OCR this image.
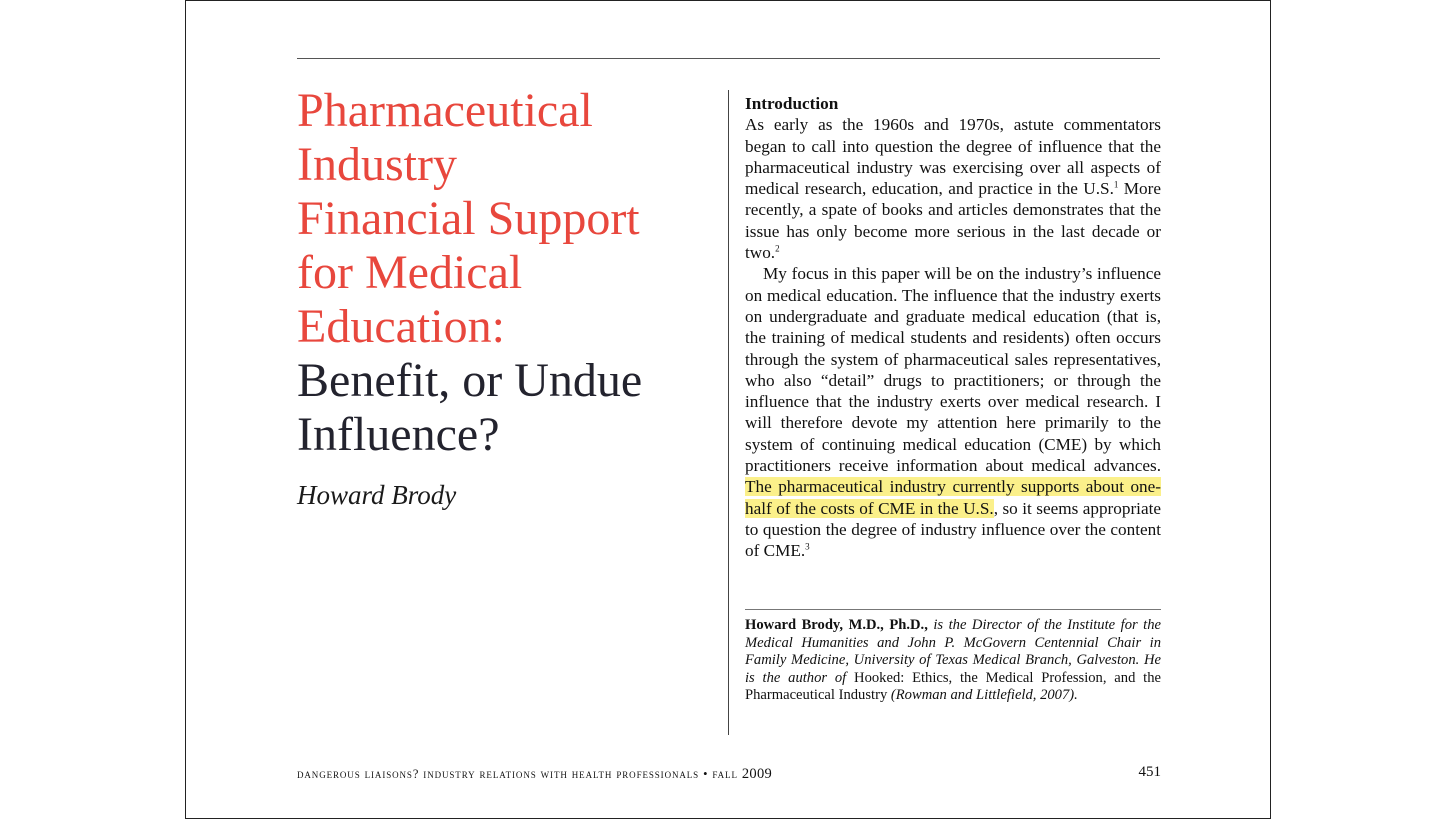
Pharmaceutical
Industry
Financial Support
for Medical
Education:
Benefit, or Undue
Influence?
Howard Brody
Introduction

As early as the 1960s and 1970s, astute commentators began to call into question the degree of influence that the pharmaceutical industry was exercising over all aspects of medical research, education, and practice in the U.S.$^1$ More recently, a spate of books and articles demonstrates that the issue has only become more serious in the last decade or two.$^2$

My focus in this paper will be on the industry’s influence on medical education. The influence that the industry exerts on undergraduate and graduate medical education (that is, the training of medical students and residents) often occurs through the system of pharmaceutical sales representatives, who also “detail” drugs to practitioners; or through the influence that the industry exerts over medical research. I will therefore devote my attention here primarily to the system of continuing medical education (CME) by which practitioners receive information about medical advances. The pharmaceutical industry currently supports about one-half of the costs of CME in the U.S., so it seems appropriate to question the degree of industry influence over the content of CME.$^3$

Howard Brody, M.D., Ph.D., is the Director of the Institute for the Medical Humanities and John P. McGovern Centennial Chair in Family Medicine, University of Texas Medical Branch, Galveston. He is the author of Hooked: Ethics, the Medical Profession, and the Pharmaceutical Industry (Rowman and Littlefield, 2007).
dangerous liaisons? industry relations with health professionals • fall 2009	451
